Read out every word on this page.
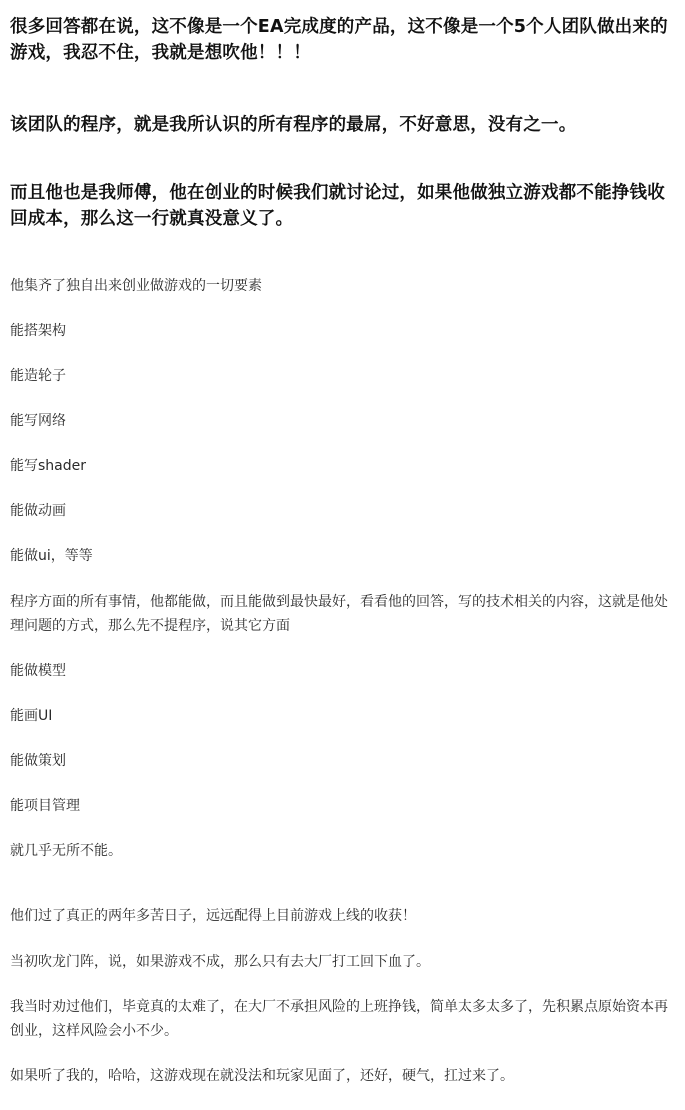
很多回答都在说，这不像是一个EA完成度的产品，这不像是一个5个人团队做出来的游戏，我忍不住，我就是想吹他！！！

该团队的程序，就是我所认识的所有程序的最屌，不好意思，没有之一。

而且他也是我师傅，他在创业的时候我们就讨论过，如果他做独立游戏都不能挣钱收回成本，那么这一行就真没意义了。

他集齐了独自出来创业做游戏的一切要素

能搭架构

能造轮子

能写网络

能写shader

能做动画

能做ui，等等

程序方面的所有事情，他都能做，而且能做到最快最好，看看他的回答，写的技术相关的内容，这就是他处理问题的方式，那么先不提程序，说其它方面

能做模型

能画UI

能做策划

能项目管理

就几乎无所不能。

他们过了真正的两年多苦日子，远远配得上目前游戏上线的收获！

当初吹龙门阵，说，如果游戏不成，那么只有去大厂打工回下血了。

我当时劝过他们，毕竟真的太难了，在大厂不承担风险的上班挣钱，简单太多太多了，先积累点原始资本再创业，这样风险会小不少。

如果听了我的，哈哈，这游戏现在就没法和玩家见面了，还好，硬气，扛过来了。
